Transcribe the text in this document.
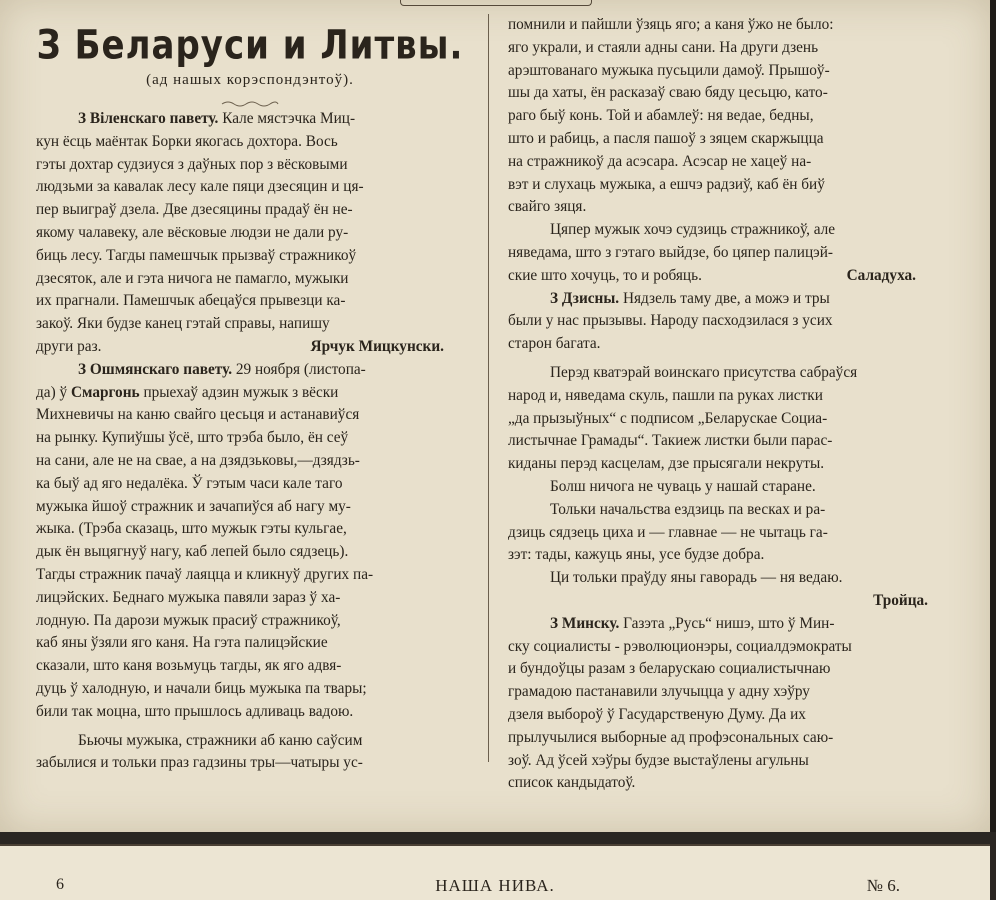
З Беларуси и Литвы.
(ад нашых корэспондэнтоў).

З Віленскаго павету. Кале мястэчка Миц-

кун ёсць маёнтак Борки якогась дохтора. Вось
гэты дохтар судзиуся з даўных пор з вёсковыми
людзьми за кавалак лесу кале пяци дзесяцин и ця-
пер выиграў дзела. Две дзесяцины прадаў ён не-
якому чалавеку, але вёсковые людзи не дали ру-
биць лесу. Тагды памешчык прызваў стражникоў
дзесяток, але и гэта ничога не памагло, мужыки
их прагнали. Памешчык абецаўся прывезци ка-
закоў. Яки будзе канец гэтай справы, напишу
други раз.	Ярчук Мицкунски.

З Ошмянскаго павету. 29 ноября (листопа-

да) ў Смаргонь прыехаў адзин мужык з вёски
Михневичы на каню свайго цесьця и астанавиўся
на рынку. Купиўшы ўсё, што трэба было, ён сеў
на сани, але не на свае, а на дзядзьковы,—дзядзь-
ка быў ад яго недалёка. Ў гэтым часи кале таго
мужыка йшоў стражник и зачапиўся аб нагу му-
жыка. (Трэба сказаць, што мужык гэты кульгае,
дык ён выцягнуў нагу, каб лепей было сядзець).
Тагды стражник пачаў лаяцца и кликнуў других па-
лицэйских. Беднаго мужыка павяли зараз ў ха-
лодную. Па дарози мужык прасиў стражникоў,
каб яны ўзяли яго каня. На гэта палицэйские
сказали, што каня возьмуць тагды, як яго адвя-
дуць ў халодную, и начали биць мужыка па твары;
били так моцна, што прышлось адливаць вадою.

Бьючы мужыка, стражники аб каню саўсим

забылися и тольки праз гадзины тры—чатыры ус-
помнили и пайшли ўзяць яго; а каня ўжо не было:
яго украли, и стаяли адны сани. На други дзень
арэштованаго мужыка пусьцили дамоў. Прышоў-
шы да хаты, ён расказаў сваю бяду цесьцю, като-
раго быў конь. Той и абамлеў: ня ведае, бедны,
што и рабиць, а пасля пашоў з зяцем скаржыцца
на стражникоў да асэсара. Асэсар не хацеў на-
вэт и слухаць мужыка, а ешчэ радзиў, каб ён биў
свайго зяця.

Цяпер мужык хочэ судзиць стражникоў, але

няведама, што з гэтаго выйдзе, бо цяпер палицэй-
ские што хочуць, то и робяць.	Саладуха.

З Дзисны. Нядзель таму две, а можэ и тры

были у нас прызывы. Народу пасходзилася з усих
старон багата.

Перэд кватэрай воинскаго присутства сабраўся

народ и, няведама скуль, пашли па руках листки
„да прызыўных“ с подписом „Беларускае Социа-
листычнае Грамады“. Такиеж листки были парас-
киданы перэд касцелам, дзе прысягали некруты.

Болш ничога не чуваць у нашай старане.

Тольки начальства ездзиць па весках и ра-

дзиць сядзець циха и — главнае — не чытаць га-
зэт: тады, кажуць яны, усе будзе добра.

Ци тольки праўду яны гаворадь — ня ведаю.

Тройца.

З Минску. Газэта „Русь“ нишэ, што ў Мин-

ску социалисты - рэволюционэры, социалдэмократы
и бундоўцы разам з беларускаю социалистычнаю
грамадою пастанавили злучыцца у адну хэўру
дзеля выбороў ў Гасударственую Думу. Да их
прылучылися выборные ад профэсональных саю-
зоў. Ад ўсей хэўры будзе выстаўлены агульны
список кандыдатоў.
6	НАША НИВА.	№ 6.
